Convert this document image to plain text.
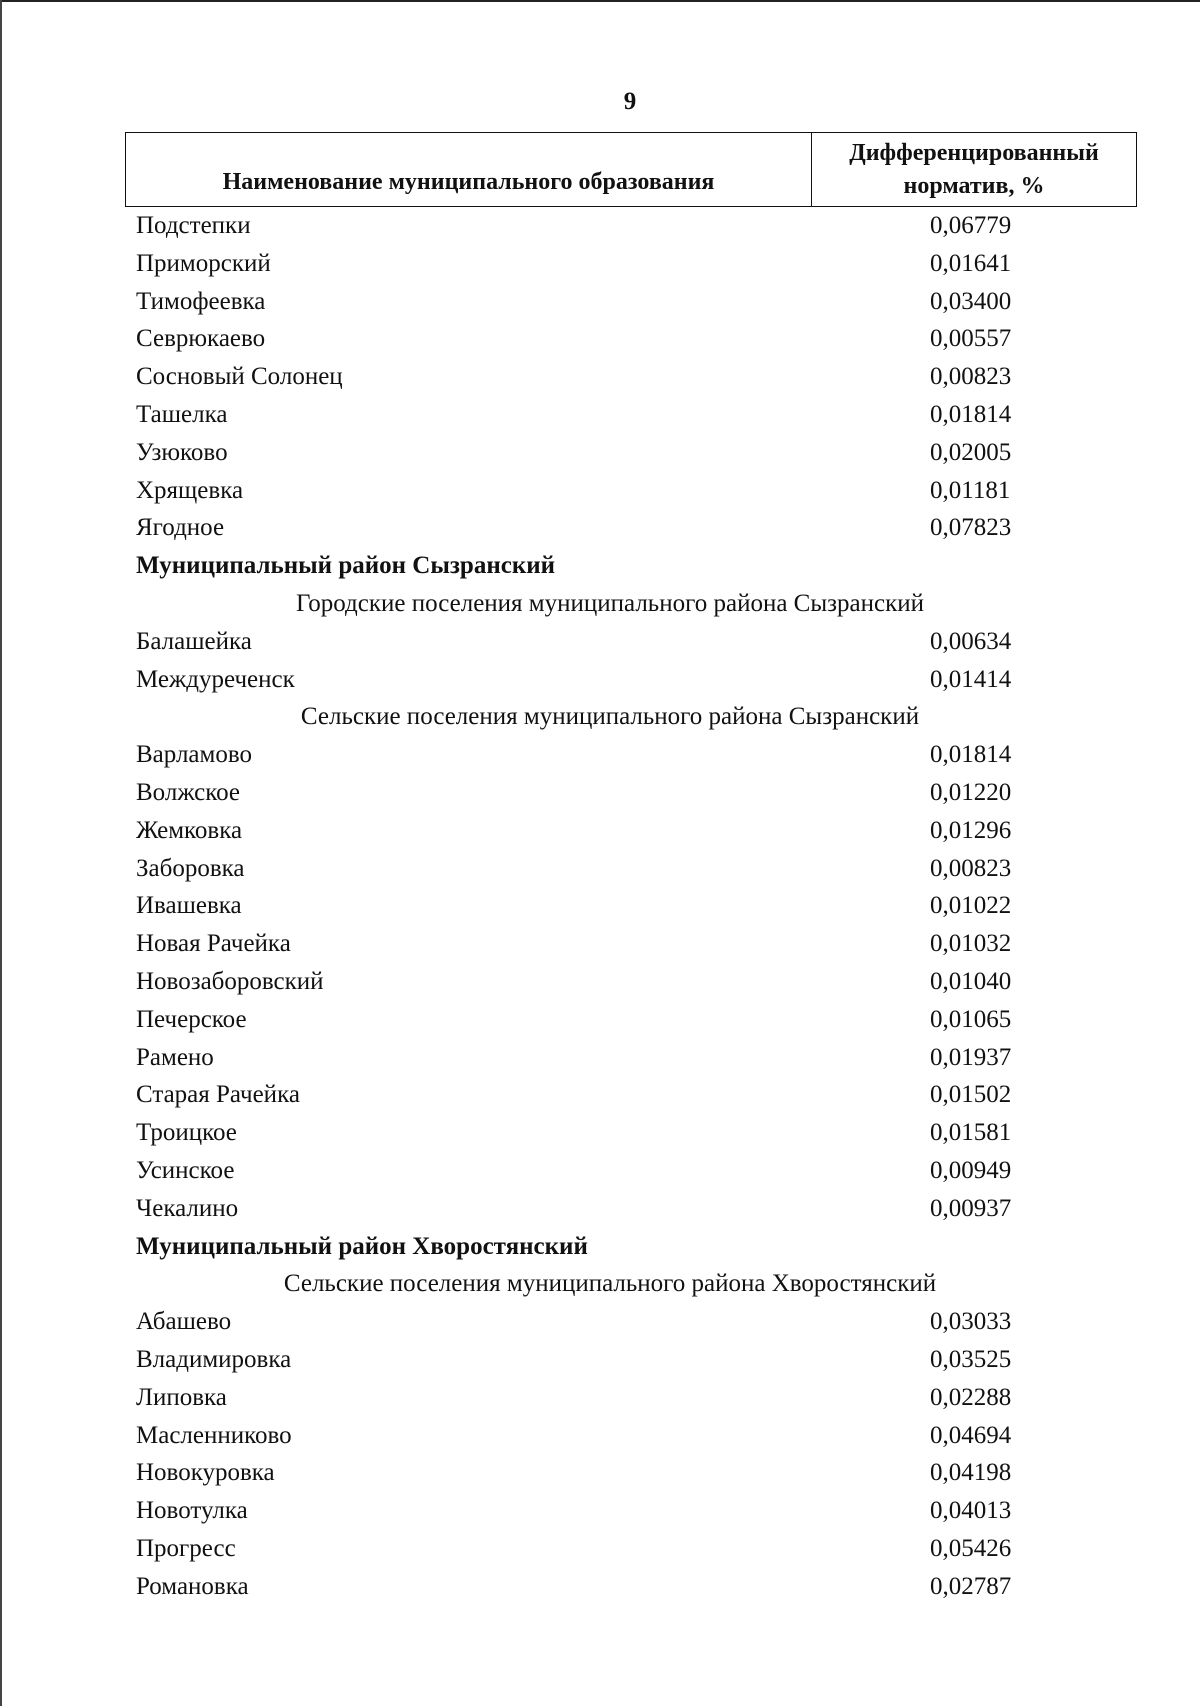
9
Наименование муниципального образования
Дифференцированный
норматив, %
Подстепки	0,06779
Приморский	0,01641
Тимофеевка	0,03400
Севрюкаево	0,00557
Сосновый Солонец	0,00823
Ташелка	0,01814
Узюково	0,02005
Хрящевка	0,01181
Ягодное	0,07823
Муниципальный район Сызранский
Городские поселения муниципального района Сызранский
Балашейка	0,00634
Междуреченск	0,01414
Сельские поселения муниципального района Сызранский
Варламово	0,01814
Волжское	0,01220
Жемковка	0,01296
Заборовка	0,00823
Ивашевка	0,01022
Новая Рачейка	0,01032
Новозаборовский	0,01040
Печерское	0,01065
Рамено	0,01937
Старая Рачейка	0,01502
Троицкое	0,01581
Усинское	0,00949
Чекалино	0,00937
Муниципальный район Хворостянский
Сельские поселения муниципального района Хворостянский
Абашево	0,03033
Владимировка	0,03525
Липовка	0,02288
Масленниково	0,04694
Новокуровка	0,04198
Новотулка	0,04013
Прогресс	0,05426
Романовка	0,02787
